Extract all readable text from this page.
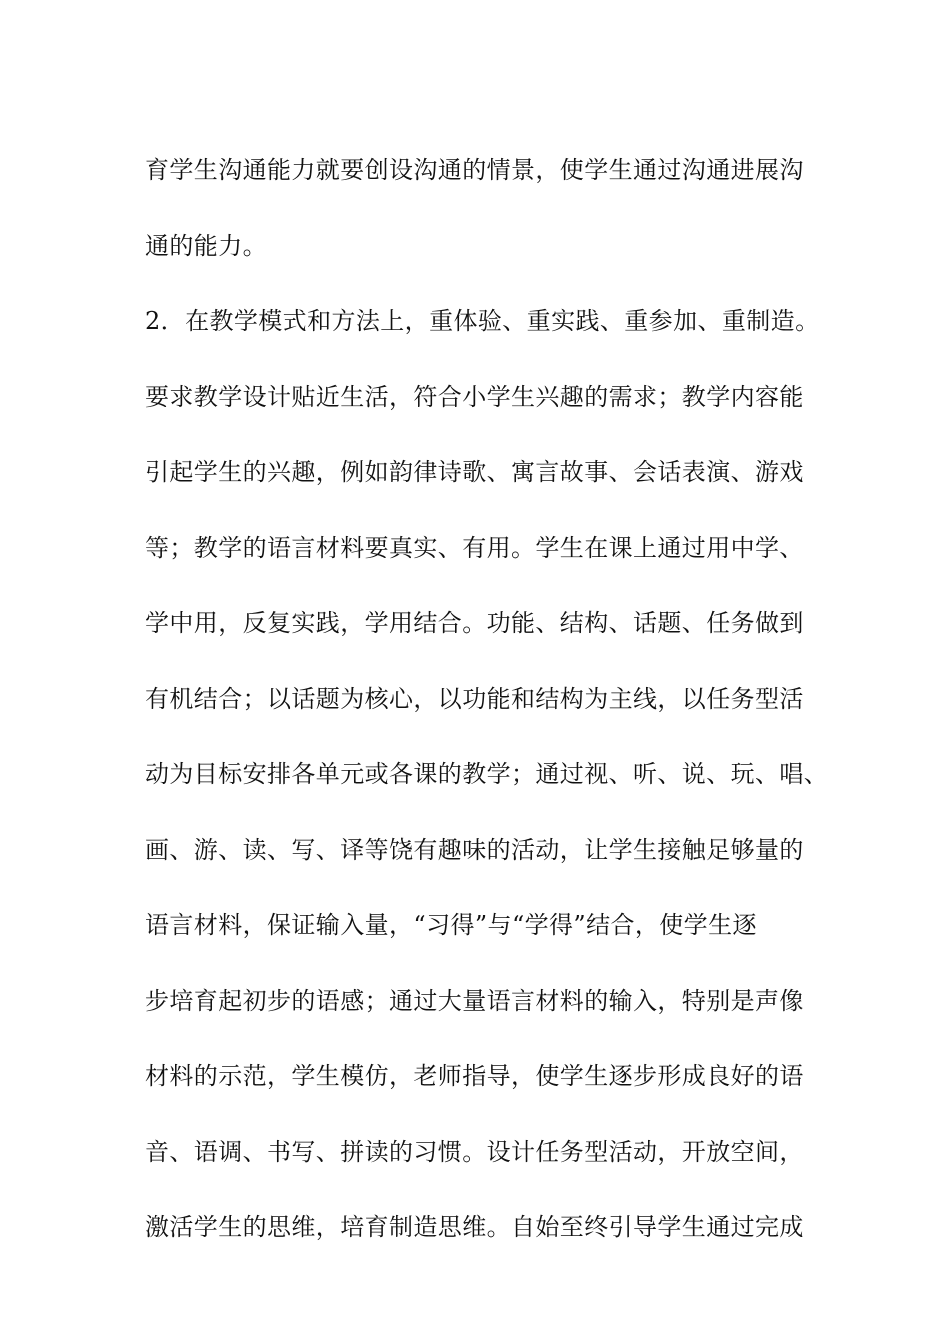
育学生沟通能力就要创设沟通的情景，使学生通过沟通进展沟
通的能力。
2．在教学模式和方法上，重体验、重实践、重参加、重制造。
要求教学设计贴近生活，符合小学生兴趣的需求；教学内容能
引起学生的兴趣，例如韵律诗歌、寓言故事、会话表演、游戏
等；教学的语言材料要真实、有用。学生在课上通过用中学、
学中用，反复实践，学用结合。功能、结构、话题、任务做到
有机结合；以话题为核心，以功能和结构为主线，以任务型活
动为目标安排各单元或各课的教学；通过视、听、说、玩、唱、
画、游、读、写、译等饶有趣味的活动，让学生接触足够量的
语言材料，保证输入量，“习得”与“学得”结合，使学生逐
步培育起初步的语感；通过大量语言材料的输入，特别是声像
材料的示范，学生模仿，老师指导，使学生逐步形成良好的语
音、语调、书写、拼读的习惯。设计任务型活动，开放空间，
激活学生的思维，培育制造思维。自始至终引导学生通过完成
